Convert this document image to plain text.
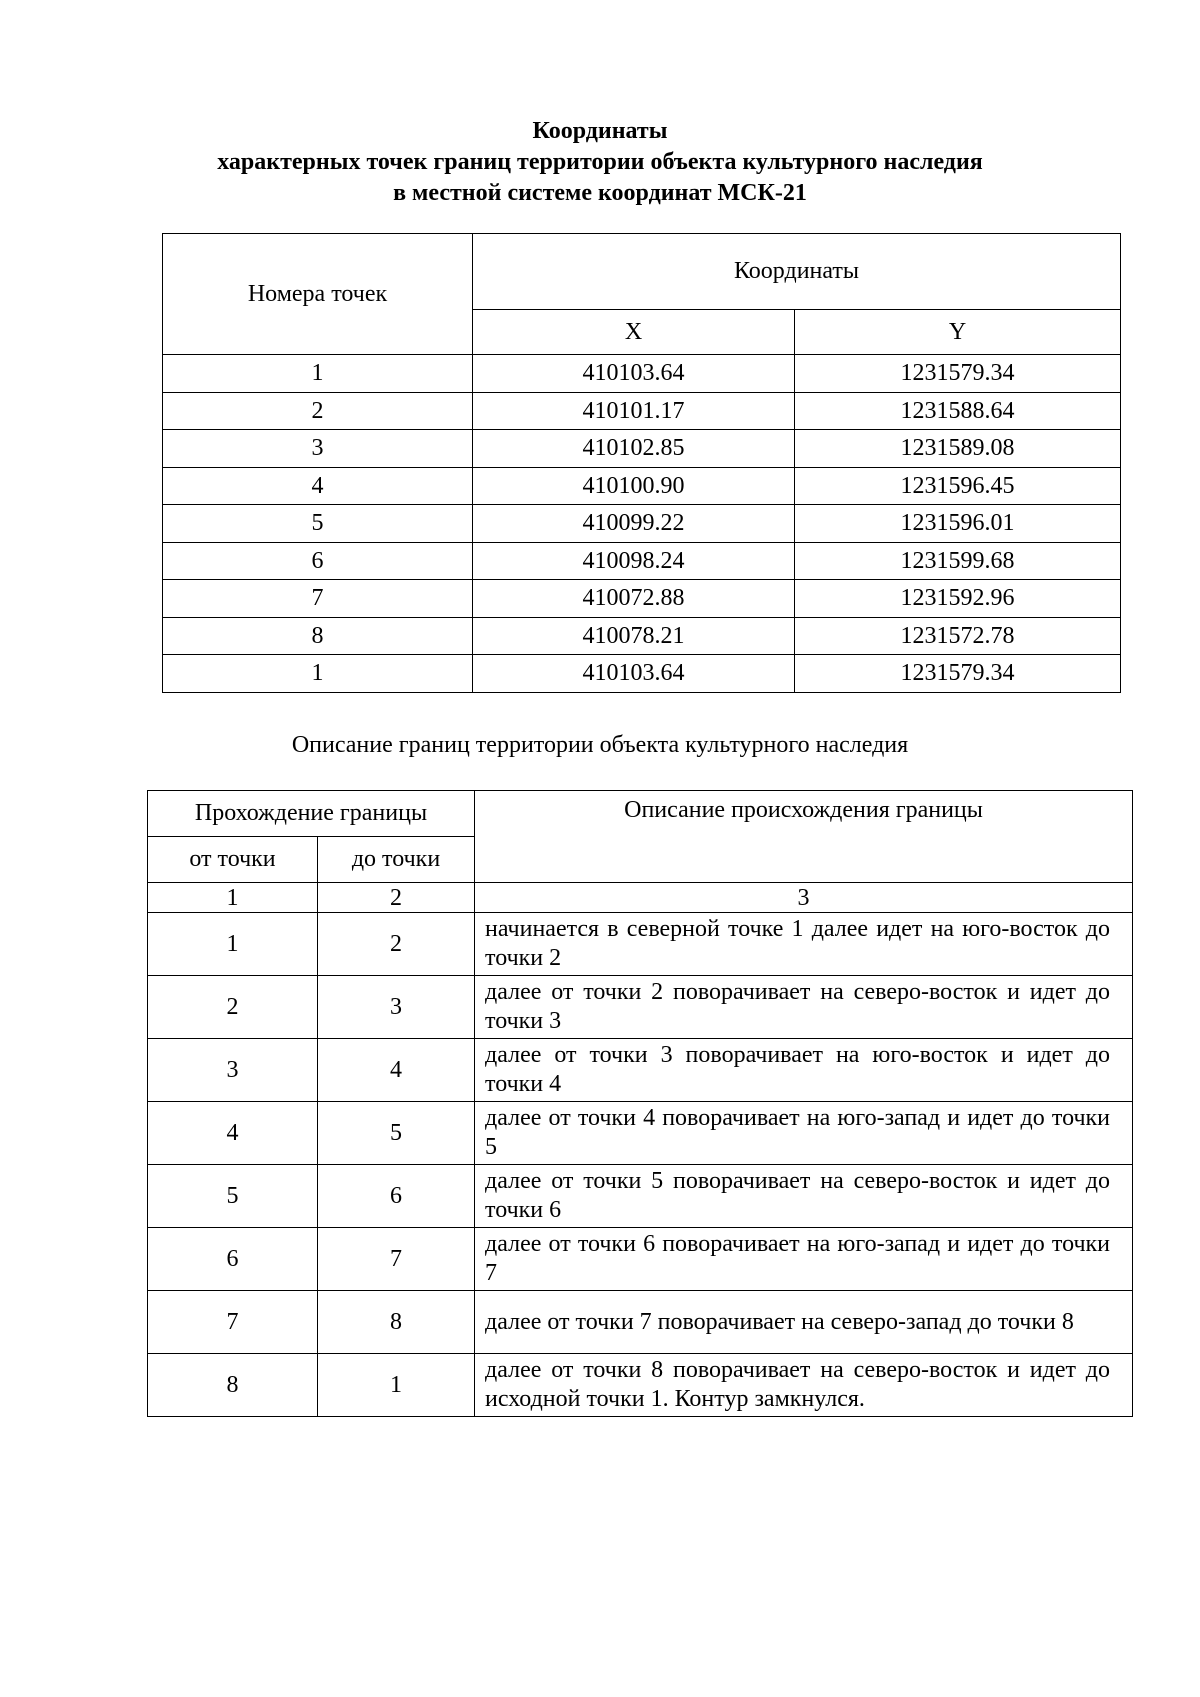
Координаты
характерных точек границ территории объекта культурного наследия
в местной системе координат МСК-21
Номера точек	Координаты	
	X	Y
1	410103.64	1231579.34
2	410101.17	1231588.64
3	410102.85	1231589.08
4	410100.90	1231596.45
5	410099.22	1231596.01
6	410098.24	1231599.68
7	410072.88	1231592.96
8	410078.21	1231572.78
1	410103.64	1231579.34
Описание границ территории объекта культурного наследия
Прохождение границы		Описание происхождения границы
от точки	до точки	
1	2	3
1	2	начинается в северной точке 1 далее идет на юго-восток до точки 2
2	3	далее от точки 2 поворачивает на северо-восток и идет до точки 3
3	4	далее от точки 3 поворачивает на юго-восток и идет до точки 4
4	5	далее от точки 4 поворачивает на юго-запад и идет до точки 5
5	6	далее от точки 5 поворачивает на северо-восток и идет до точки 6
6	7	далее от точки 6 поворачивает на юго-запад и идет до точки 7
7	8	далее от точки 7 поворачивает на северо-запад до точки 8
8	1	далее от точки 8 поворачивает на северо-восток и идет до исходной точки 1. Контур замкнулся.
